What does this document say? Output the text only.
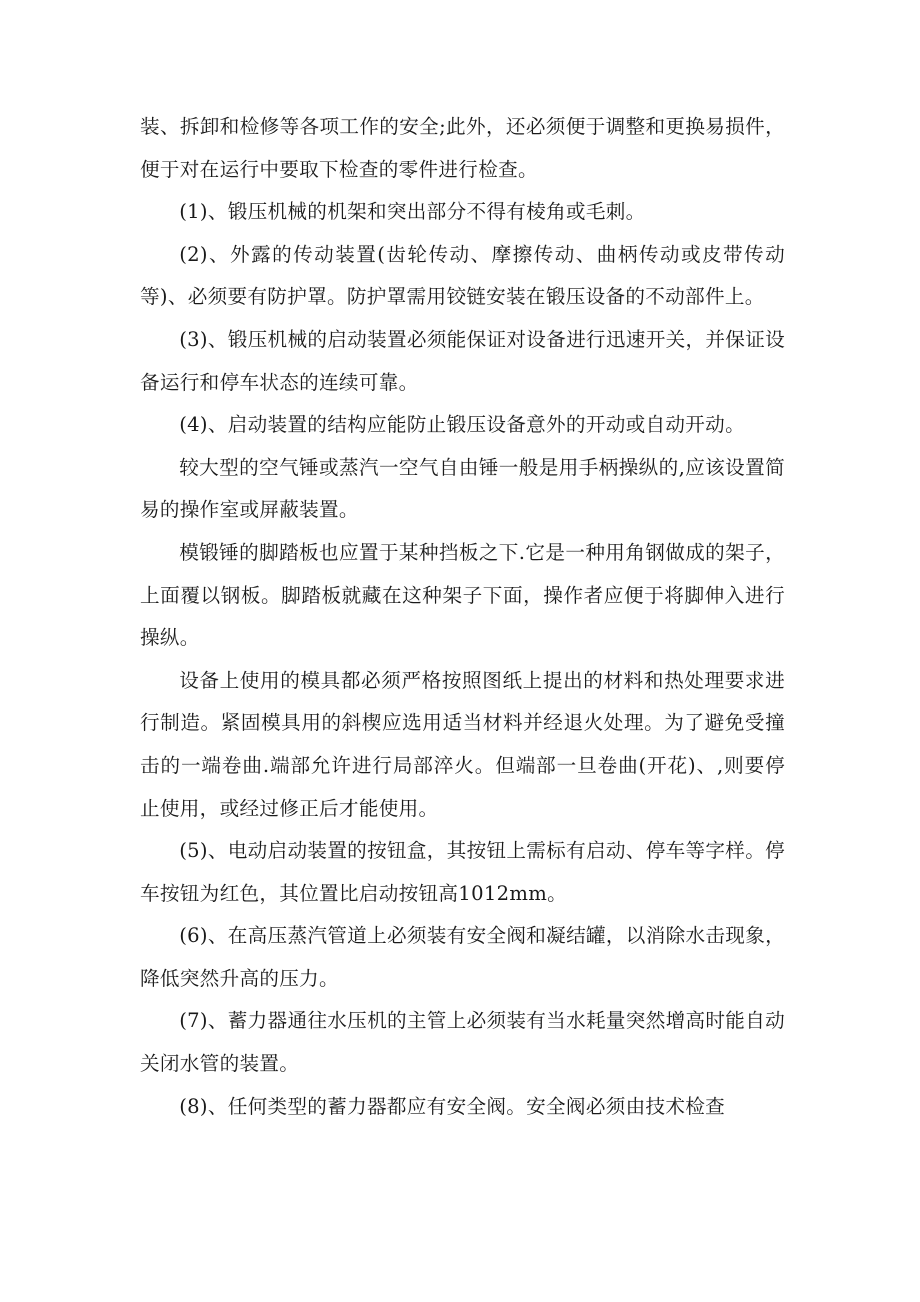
装、拆卸和检修等各项工作的安全;此外，还必须便于调整和更换易损件，便于对在运行中要取下检查的零件进行检查。

(1)、锻压机械的机架和突出部分不得有棱角或毛刺。

(2)、外露的传动装置(齿轮传动、摩擦传动、曲柄传动或皮带传动等)、必须要有防护罩。防护罩需用铰链安装在锻压设备的不动部件上。

(3)、锻压机械的启动装置必须能保证对设备进行迅速开关，并保证设备运行和停车状态的连续可靠。

(4)、启动装置的结构应能防止锻压设备意外的开动或自动开动。

较大型的空气锤或蒸汽一空气自由锤一般是用手柄操纵的,应该设置简易的操作室或屏蔽装置。

模锻锤的脚踏板也应置于某种挡板之下.它是一种用角钢做成的架子，上面覆以钢板。脚踏板就藏在这种架子下面，操作者应便于将脚伸入进行操纵。

设备上使用的模具都必须严格按照图纸上提出的材料和热处理要求进行制造。紧固模具用的斜楔应选用适当材料并经退火处理。为了避免受撞击的一端卷曲.端部允许进行局部淬火。但端部一旦卷曲(开花)、,则要停止使用，或经过修正后才能使用。

(5)、电动启动装置的按钮盒，其按钮上需标有启动、停车等字样。停车按钮为红色，其位置比启动按钮高1012mm。

(6)、在高压蒸汽管道上必须装有安全阀和凝结罐，以消除水击现象，降低突然升高的压力。

(7)、蓄力器通往水压机的主管上必须装有当水耗量突然增高时能自动关闭水管的装置。

(8)、任何类型的蓄力器都应有安全阀。安全阀必须由技术检查
